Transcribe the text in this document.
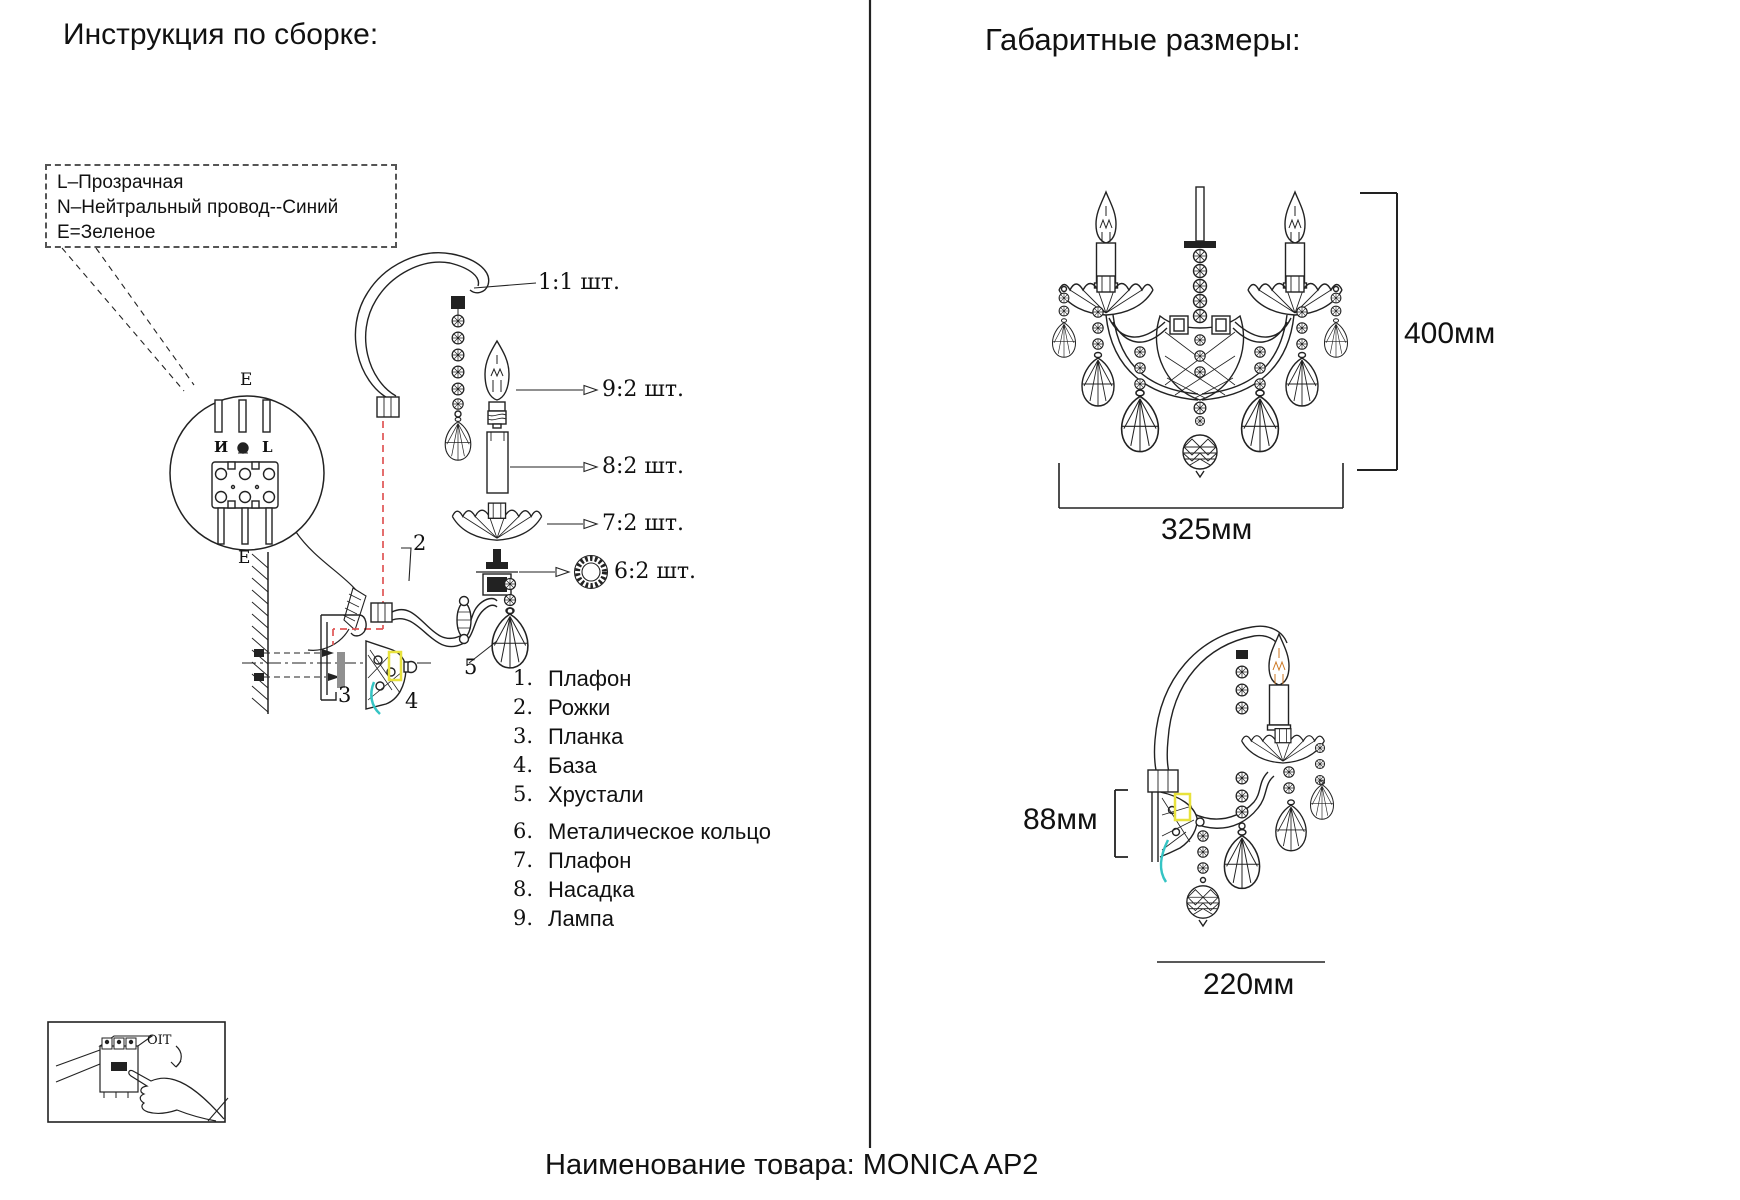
Инструкция по сборке:
L–Прозрачная
N–Нейтральный провод--Синий
E=Зеленое
E
И L
E
1:1 шт.
9:2 шт.
8:2 шт.
7:2 шт.
6:2 шт.
2
3	4
5	1. Плафон
2. Рожки
3. Планка
4. База
5. Хрустали
6. Металическое кольцо
7. Плафон
8. Насадка
9. Лампа
OIT
Габаритные размеры:
400мм
325мм
88мм
220мм
Наименование товара: MONICA AP2
